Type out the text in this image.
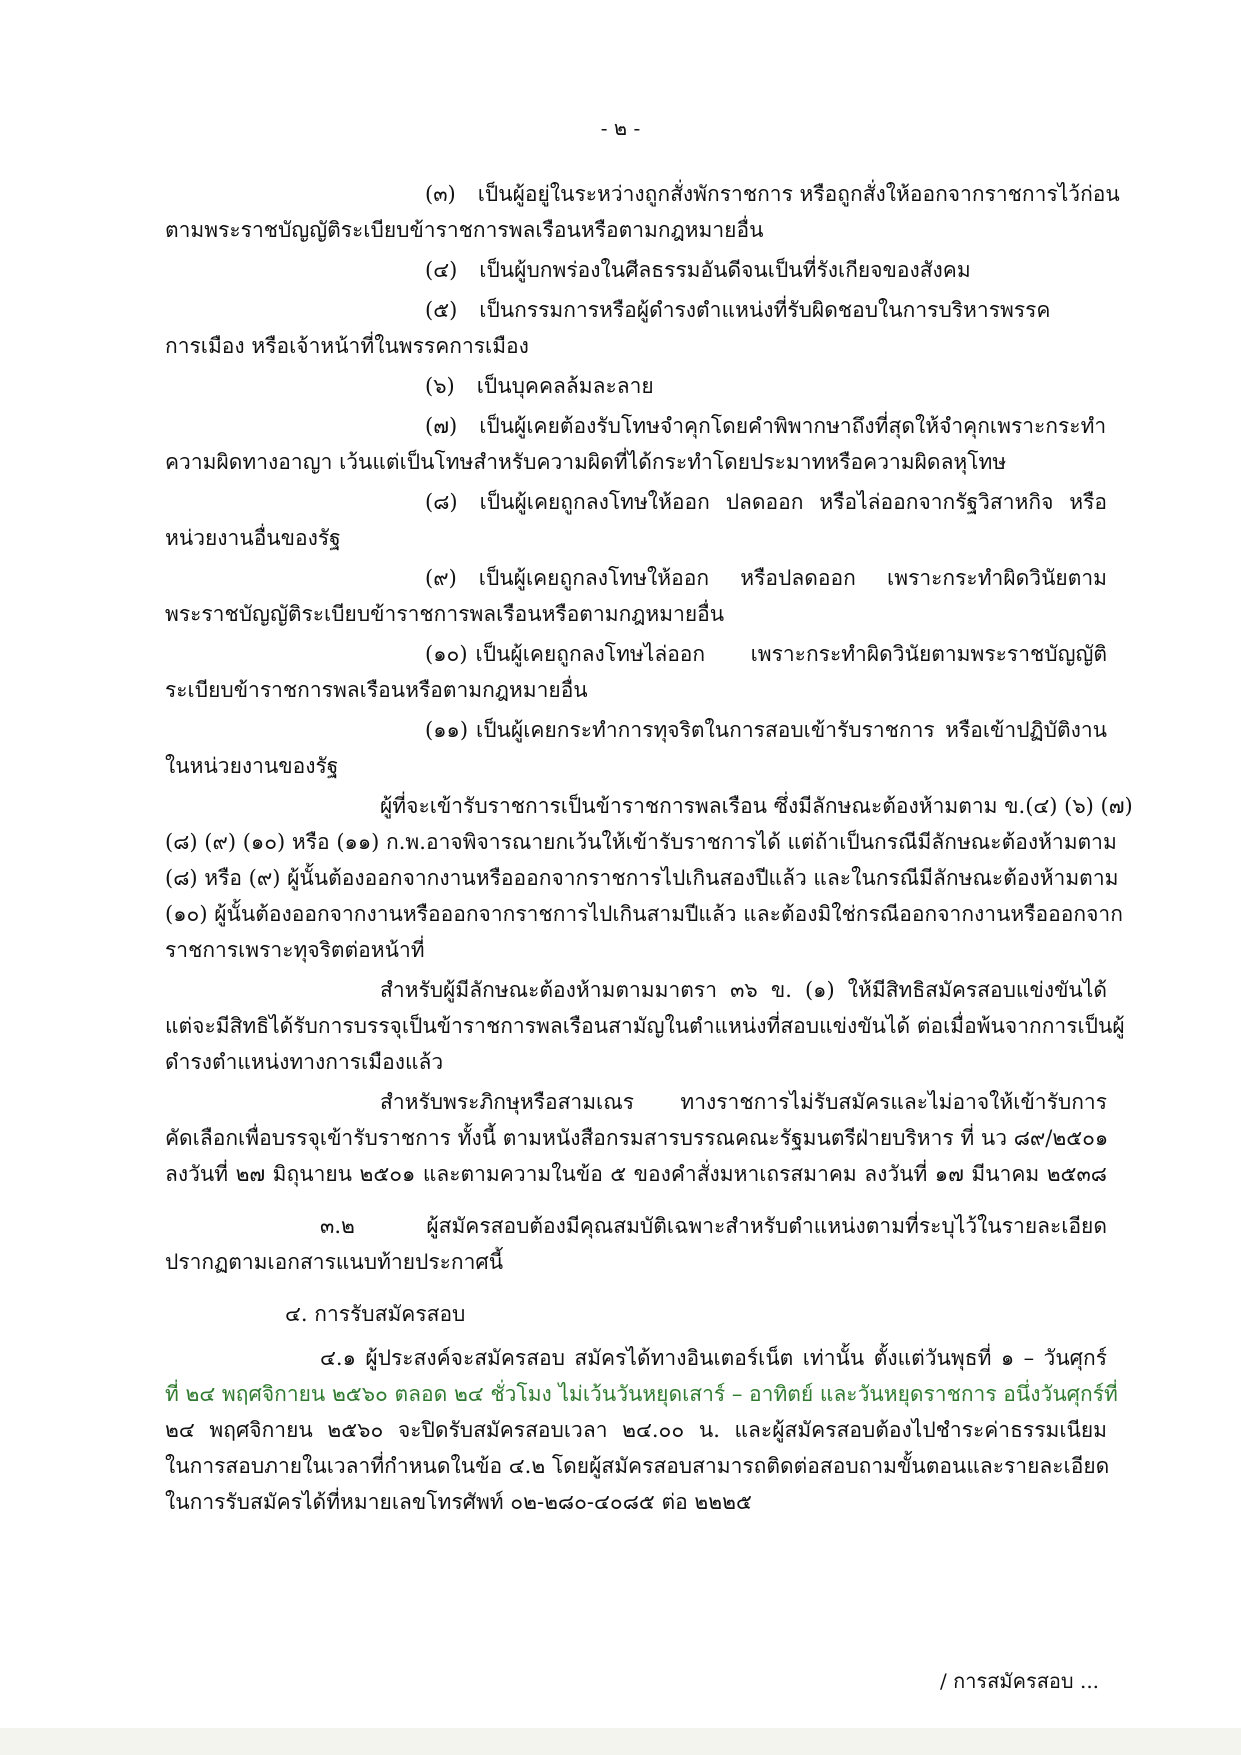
- ๒ -
(๓) เป็นผู้อยู่ในระหว่างถูกสั่งพักราชการ หรือถูกสั่งให้ออกจากราชการไว้ก่อน
ตามพระราชบัญญัติระเบียบข้าราชการพลเรือนหรือตามกฎหมายอื่น
(๔) เป็นผู้บกพร่องในศีลธรรมอันดีจนเป็นที่รังเกียจของสังคม
(๕) เป็นกรรมการหรือผู้ดำรงตำแหน่งที่รับผิดชอบในการบริหารพรรค
การเมือง หรือเจ้าหน้าที่ในพรรคการเมือง
(๖) เป็นบุคคลล้มละลาย
(๗) เป็นผู้เคยต้องรับโทษจำคุกโดยคำพิพากษาถึงที่สุดให้จำคุกเพราะกระทำ
ความผิดทางอาญา เว้นแต่เป็นโทษสำหรับความผิดที่ได้กระทำโดยประมาทหรือความผิดลหุโทษ
(๘) เป็นผู้เคยถูกลงโทษให้ออก ปลดออก หรือไล่ออกจากรัฐวิสาหกิจ หรือ
หน่วยงานอื่นของรัฐ
(๙) เป็นผู้เคยถูกลงโทษให้ออก หรือปลดออก เพราะกระทำผิดวินัยตาม
พระราชบัญญัติระเบียบข้าราชการพลเรือนหรือตามกฎหมายอื่น
(๑๐) เป็นผู้เคยถูกลงโทษไล่ออก เพราะกระทำผิดวินัยตามพระราชบัญญัติ
ระเบียบข้าราชการพลเรือนหรือตามกฎหมายอื่น
(๑๑) เป็นผู้เคยกระทำการทุจริตในการสอบเข้ารับราชการ หรือเข้าปฏิบัติงาน
ในหน่วยงานของรัฐ
ผู้ที่จะเข้ารับราชการเป็นข้าราชการพลเรือน ซึ่งมีลักษณะต้องห้ามตาม ข.(๔) (๖) (๗)
(๘) (๙) (๑๐) หรือ (๑๑) ก.พ.อาจพิจารณายกเว้นให้เข้ารับราชการได้ แต่ถ้าเป็นกรณีมีลักษณะต้องห้ามตาม
(๘) หรือ (๙) ผู้นั้นต้องออกจากงานหรือออกจากราชการไปเกินสองปีแล้ว และในกรณีมีลักษณะต้องห้ามตาม
(๑๐) ผู้นั้นต้องออกจากงานหรือออกจากราชการไปเกินสามปีแล้ว และต้องมิใช่กรณีออกจากงานหรือออกจาก
ราชการเพราะทุจริตต่อหน้าที่
สำหรับผู้มีลักษณะต้องห้ามตามมาตรา ๓๖ ข. (๑) ให้มีสิทธิสมัครสอบแข่งขันได้
แต่จะมีสิทธิได้รับการบรรจุเป็นข้าราชการพลเรือนสามัญในตำแหน่งที่สอบแข่งขันได้ ต่อเมื่อพ้นจากการเป็นผู้
ดำรงตำแหน่งทางการเมืองแล้ว
สำหรับพระภิกษุหรือสามเณร ทางราชการไม่รับสมัครและไม่อาจให้เข้ารับการ
คัดเลือกเพื่อบรรจุเข้ารับราชการ ทั้งนี้ ตามหนังสือกรมสารบรรณคณะรัฐมนตรีฝ่ายบริหาร ที่ นว ๘๙/๒๕๐๑
ลงวันที่ ๒๗ มิถุนายน ๒๕๐๑ และตามความในข้อ ๕ ของคำสั่งมหาเถรสมาคม ลงวันที่ ๑๗ มีนาคม ๒๕๓๘
๓.๒ ผู้สมัครสอบต้องมีคุณสมบัติเฉพาะสำหรับตำแหน่งตามที่ระบุไว้ในรายละเอียด
ปรากฏตามเอกสารแนบท้ายประกาศนี้
๔. การรับสมัครสอบ
๔.๑ ผู้ประสงค์จะสมัครสอบ สมัครได้ทางอินเตอร์เน็ต เท่านั้น ตั้งแต่วันพุธที่ ๑ – วันศุกร์
ที่ ๒๔ พฤศจิกายน ๒๕๖๐ ตลอด ๒๔ ชั่วโมง ไม่เว้นวันหยุดเสาร์ – อาทิตย์ และวันหยุดราชการ อนึ่งวันศุกร์ที่
๒๔ พฤศจิกายน ๒๕๖๐ จะปิดรับสมัครสอบเวลา ๒๔.๐๐ น. และผู้สมัครสอบต้องไปชำระค่าธรรมเนียม
ในการสอบภายในเวลาที่กำหนดในข้อ ๔.๒ โดยผู้สมัครสอบสามารถติดต่อสอบถามขั้นตอนและรายละเอียด
ในการรับสมัครได้ที่หมายเลขโทรศัพท์ ๐๒-๒๘๐-๔๐๘๕ ต่อ ๒๒๒๕
/ การสมัครสอบ ...
